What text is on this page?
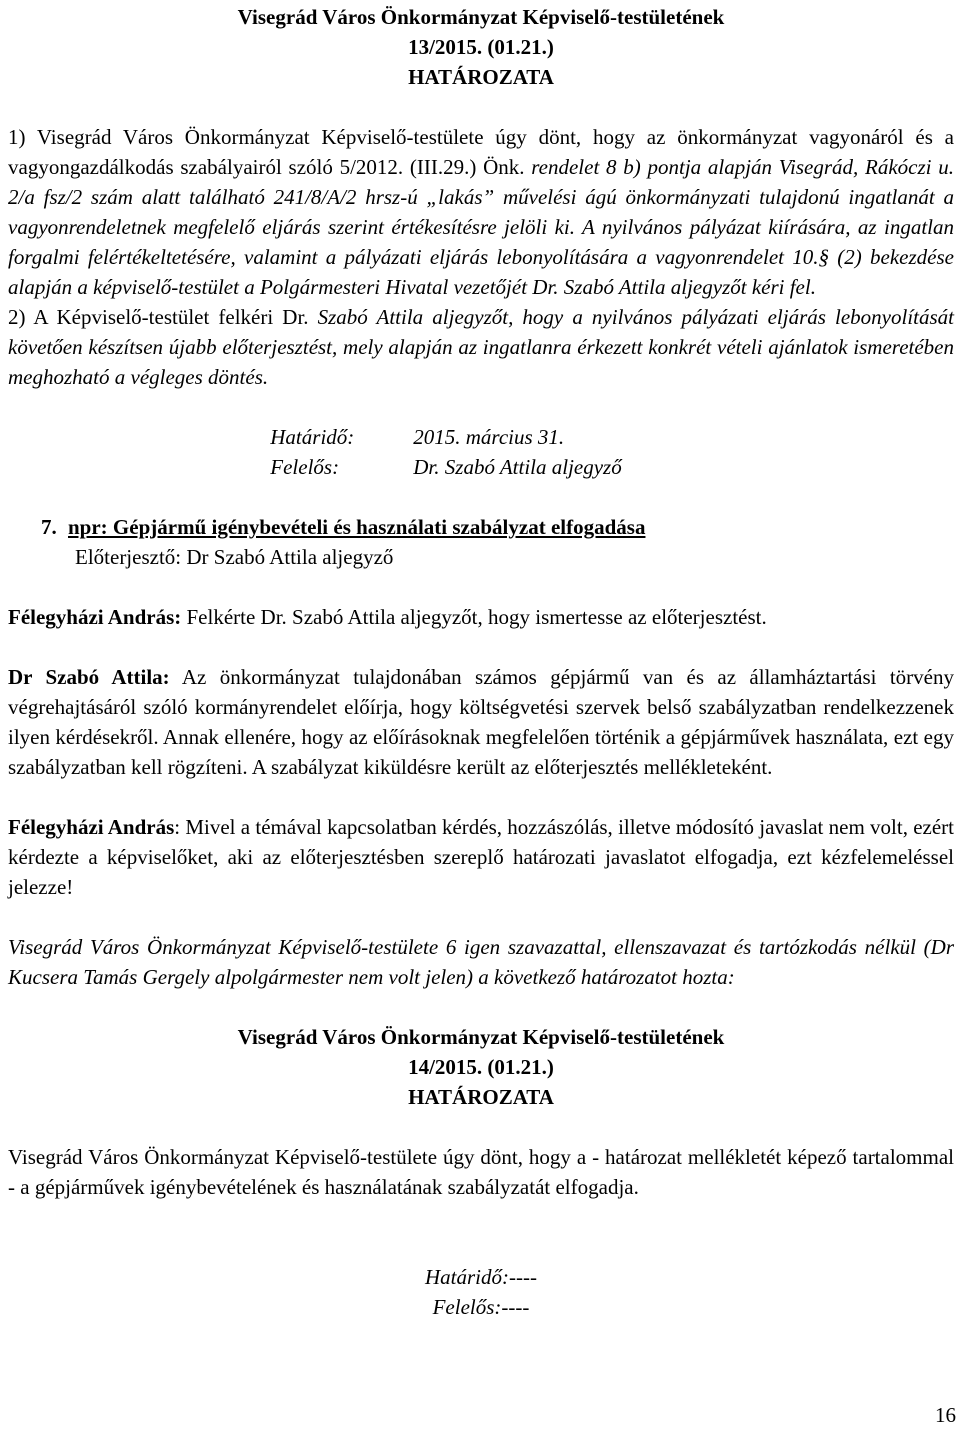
Visegrád Város Önkormányzat Képviselő-testületének
13/2015. (01.21.)
HATÁROZATA

1) Visegrád Város Önkormányzat Képviselő-testülete úgy dönt, hogy az önkormányzat vagyonáról és a vagyongazdálkodás szabályairól szóló 5/2012. (III.29.) Önk. rendelet 8 b) pontja alapján Visegrád, Rákóczi u. 2/a fsz/2 szám alatt található 241/8/A/2 hrsz-ú „lakás” művelési ágú önkormányzati tulajdonú ingatlanát a vagyonrendeletnek megfelelő eljárás szerint értékesítésre jelöli ki. A nyilvános pályázat kiírására, az ingatlan forgalmi felértékeltetésére, valamint a pályázati eljárás lebonyolítására a vagyonrendelet 10.§ (2) bekezdése alapján a képviselő-testület a Polgármesteri Hivatal vezetőjét Dr. Szabó Attila aljegyzőt kéri fel.

2) A Képviselő-testület felkéri Dr. Szabó Attila aljegyzőt, hogy a nyilvános pályázati eljárás lebonyolítását követően készítsen újabb előterjesztést, mely alapján az ingatlanra érkezett konkrét vételi ajánlatok ismeretében meghozható a végleges döntés.

Határidő:	2015. március 31.
Felelős:	Dr. Szabó Attila aljegyző
7. npr: Gépjármű igénybevételi és használati szabályzat elfogadása
Előterjesztő: Dr Szabó Attila aljegyző

Félegyházi András: Felkérte Dr. Szabó Attila aljegyzőt, hogy ismertesse az előterjesztést.

Dr Szabó Attila: Az önkormányzat tulajdonában számos gépjármű van és az államháztartási törvény végrehajtásáról szóló kormányrendelet előírja, hogy költségvetési szervek belső szabályzatban rendelkezzenek ilyen kérdésekről. Annak ellenére, hogy az előírásoknak megfelelően történik a gépjárművek használata, ezt egy szabályzatban kell rögzíteni. A szabályzat kiküldésre került az előterjesztés mellékleteként.

Félegyházi András: Mivel a témával kapcsolatban kérdés, hozzászólás, illetve módosító javaslat nem volt, ezért kérdezte a képviselőket, aki az előterjesztésben szereplő határozati javaslatot elfogadja, ezt kézfelemeléssel jelezze!

Visegrád Város Önkormányzat Képviselő-testülete 6 igen szavazattal, ellenszavazat és tartózkodás nélkül (Dr Kucsera Tamás Gergely alpolgármester nem volt jelen) a következő határozatot hozta:

Visegrád Város Önkormányzat Képviselő-testületének
14/2015. (01.21.)
HATÁROZATA

Visegrád Város Önkormányzat Képviselő-testülete úgy dönt, hogy a - határozat mellékletét képező tartalommal - a gépjárművek igénybevételének és használatának szabályzatát elfogadja.

Határidő:----
Felelős:----
16
